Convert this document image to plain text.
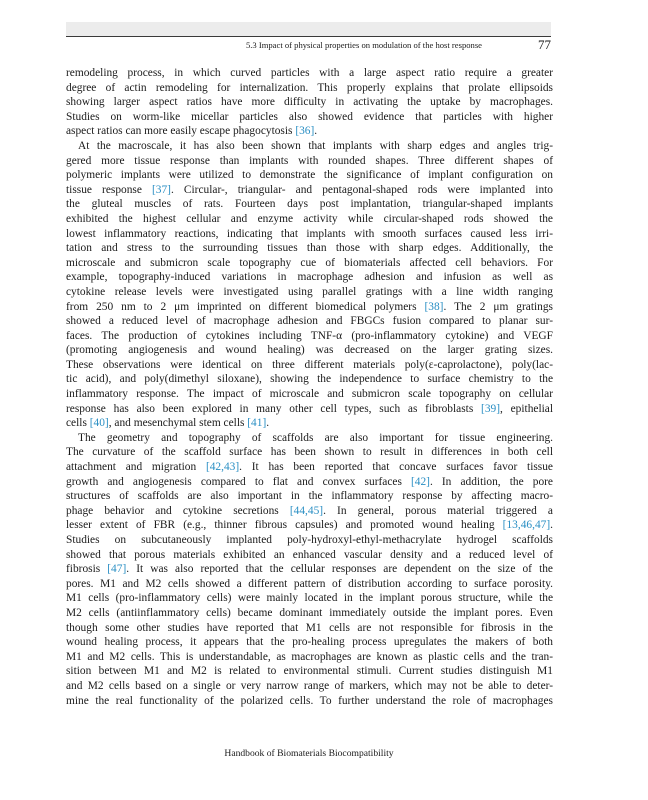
5.3 Impact of physical properties on modulation of the host response	77
remodeling process, in which curved particles with a large aspect ratio require a greater
degree of actin remodeling for internalization. This properly explains that prolate ellipsoids
showing larger aspect ratios have more difficulty in activating the uptake by macrophages.
Studies on worm-like micellar particles also showed evidence that particles with higher
aspect ratios can more easily escape phagocytosis [36].
At the macroscale, it has also been shown that implants with sharp edges and angles trig-
gered more tissue response than implants with rounded shapes. Three different shapes of
polymeric implants were utilized to demonstrate the significance of implant configuration on
tissue response [37]. Circular-, triangular- and pentagonal-shaped rods were implanted into
the gluteal muscles of rats. Fourteen days post implantation, triangular-shaped implants
exhibited the highest cellular and enzyme activity while circular-shaped rods showed the
lowest inflammatory reactions, indicating that implants with smooth surfaces caused less irri-
tation and stress to the surrounding tissues than those with sharp edges. Additionally, the
microscale and submicron scale topography cue of biomaterials affected cell behaviors. For
example, topography-induced variations in macrophage adhesion and infusion as well as
cytokine release levels were investigated using parallel gratings with a line width ranging
from 250 nm to 2 μm imprinted on different biomedical polymers [38]. The 2 μm gratings
showed a reduced level of macrophage adhesion and FBGCs fusion compared to planar sur-
faces. The production of cytokines including TNF-α (pro-inflammatory cytokine) and VEGF
(promoting angiogenesis and wound healing) was decreased on the larger grating sizes.
These observations were identical on three different materials poly(ε-caprolactone), poly(lac-
tic acid), and poly(dimethyl siloxane), showing the independence to surface chemistry to the
inflammatory response. The impact of microscale and submicron scale topography on cellular
response has also been explored in many other cell types, such as fibroblasts [39], epithelial
cells [40], and mesenchymal stem cells [41].
The geometry and topography of scaffolds are also important for tissue engineering.
The curvature of the scaffold surface has been shown to result in differences in both cell
attachment and migration [42,43]. It has been reported that concave surfaces favor tissue
growth and angiogenesis compared to flat and convex surfaces [42]. In addition, the pore
structures of scaffolds are also important in the inflammatory response by affecting macro-
phage behavior and cytokine secretions [44,45]. In general, porous material triggered a
lesser extent of FBR (e.g., thinner fibrous capsules) and promoted wound healing [13,46,47].
Studies on subcutaneously implanted poly-hydroxyl-ethyl-methacrylate hydrogel scaffolds
showed that porous materials exhibited an enhanced vascular density and a reduced level of
fibrosis [47]. It was also reported that the cellular responses are dependent on the size of the
pores. M1 and M2 cells showed a different pattern of distribution according to surface porosity.
M1 cells (pro-inflammatory cells) were mainly located in the implant porous structure, while the
M2 cells (antiinflammatory cells) became dominant immediately outside the implant pores. Even
though some other studies have reported that M1 cells are not responsible for fibrosis in the
wound healing process, it appears that the pro-healing process upregulates the makers of both
M1 and M2 cells. This is understandable, as macrophages are known as plastic cells and the tran-
sition between M1 and M2 is related to environmental stimuli. Current studies distinguish M1
and M2 cells based on a single or very narrow range of markers, which may not be able to deter-
mine the real functionality of the polarized cells. To further understand the role of macrophages
Handbook of Biomaterials Biocompatibility
